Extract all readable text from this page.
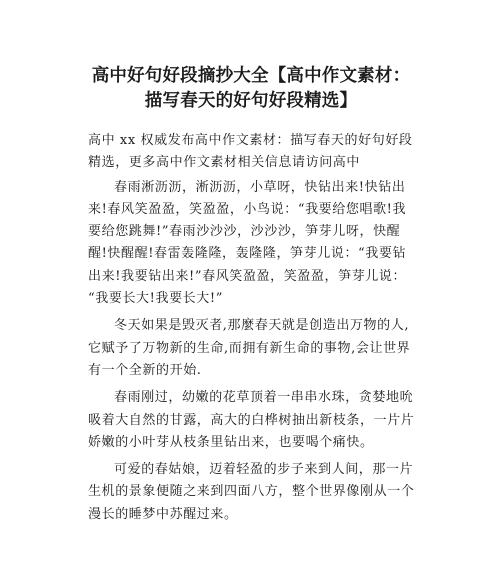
高中好句好段摘抄大全【高中作文素材：
描写春天的好句好段精选】

高中 xx 权威发布高中作文素材：描写春天的好句好段
精选，更多高中作文素材相关信息请访问高中

春雨淅沥沥，淅沥沥，小草呀，快钻出来!快钻出
来!春风笑盈盈，笑盈盈，小鸟说：“我要给您唱歌!我
要给您跳舞!”春雨沙沙沙，沙沙沙，笋芽儿呀，快醒
醒!快醒醒!春雷轰隆隆，轰隆隆，笋芽儿说：“我要钻
出来!我要钻出来!”春风笑盈盈，笑盈盈，笋芽儿说：
“我要长大!我要长大!”

冬天如果是毁灭者,那麼春天就是创造出万物的人,
它赋予了万物新的生命,而拥有新生命的事物,会让世界
有一个全新的开始.

春雨刚过，幼嫩的花草顶着一串串水珠，贪婪地吮
吸着大自然的甘露，高大的白桦树抽出新枝条，一片片
娇嫩的小叶芽从枝条里钻出来，也要喝个痛快。

可爱的春姑娘，迈着轻盈的步子来到人间，那一片
生机的景象便随之来到四面八方，整个世界像刚从一个
漫长的睡梦中苏醒过来。
